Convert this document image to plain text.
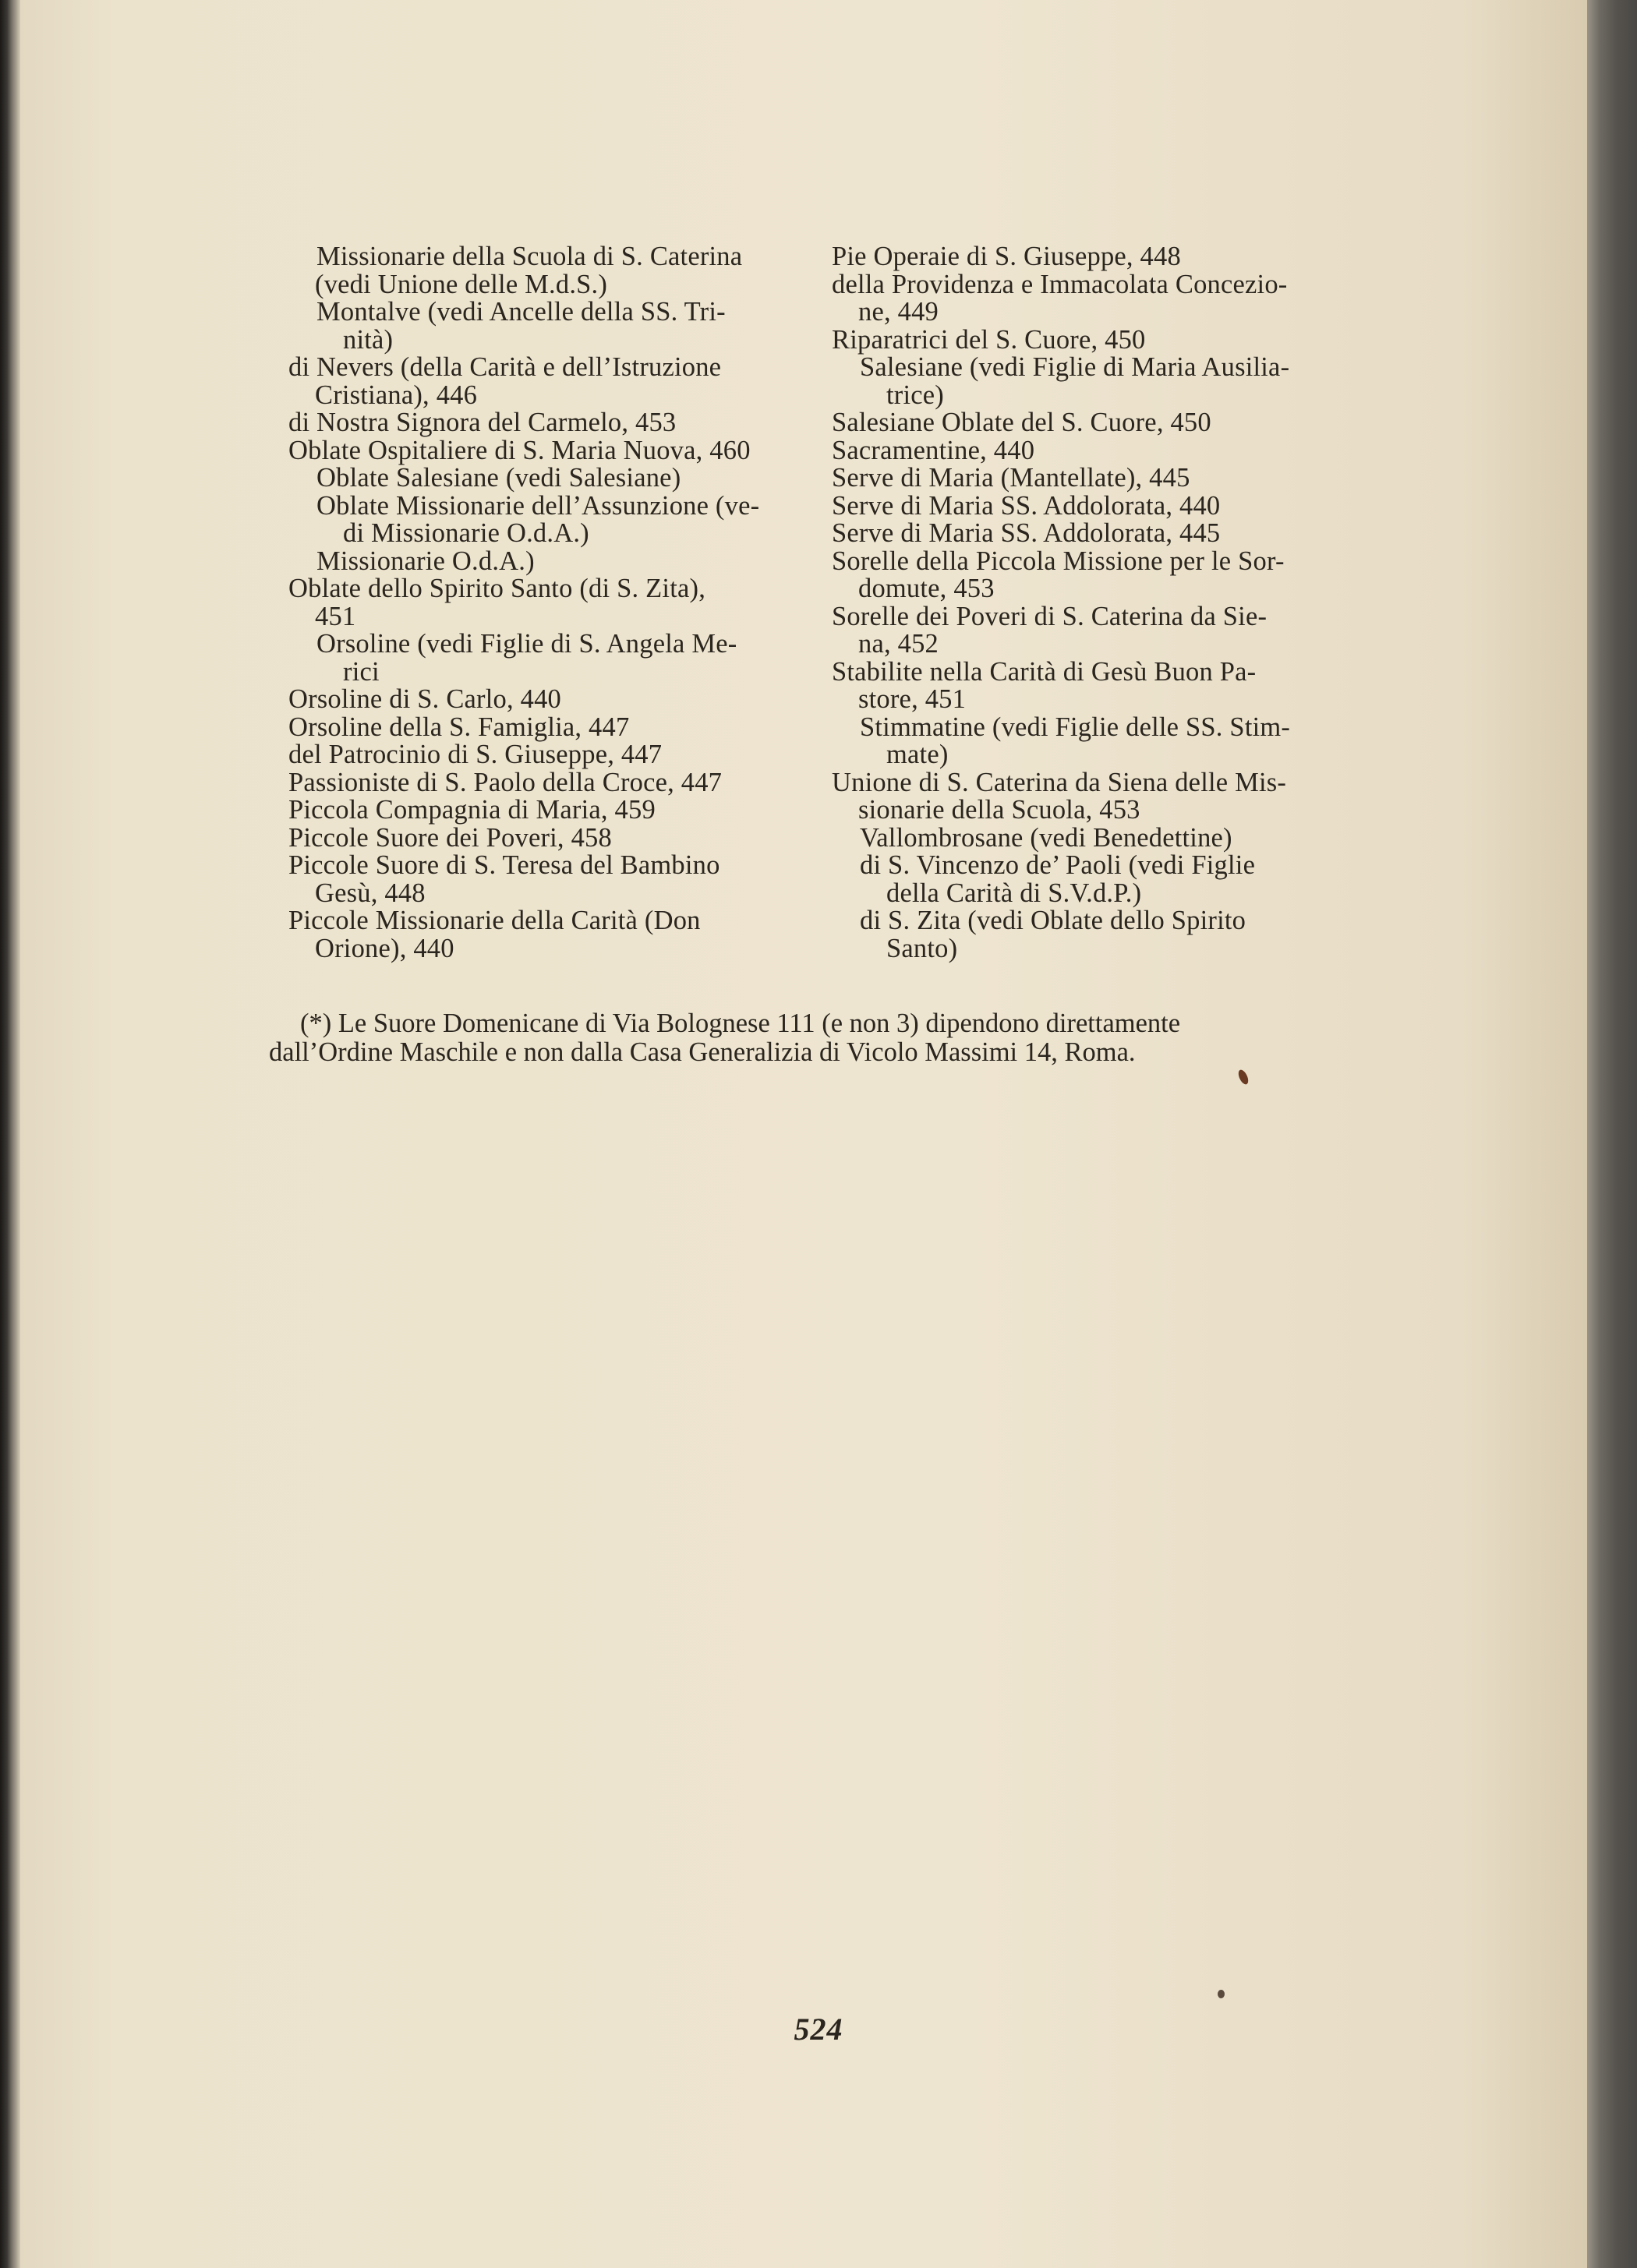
Missionarie della Scuola di S. Caterina
(vedi Unione delle M.d.S.)
Montalve (vedi Ancelle della SS. Tri-
nità)
di Nevers (della Carità e dell’Istruzione
Cristiana), 446
di Nostra Signora del Carmelo, 453
Oblate Ospitaliere di S. Maria Nuova, 460
Oblate Salesiane (vedi Salesiane)
Oblate Missionarie dell’Assunzione (ve-
di Missionarie O.d.A.)
Missionarie O.d.A.)
Oblate dello Spirito Santo (di S. Zita),
451
Orsoline (vedi Figlie di S. Angela Me-
rici
Orsoline di S. Carlo, 440
Orsoline della S. Famiglia, 447
del Patrocinio di S. Giuseppe, 447
Passioniste di S. Paolo della Croce, 447
Piccola Compagnia di Maria, 459
Piccole Suore dei Poveri, 458
Piccole Suore di S. Teresa del Bambino
Gesù, 448
Piccole Missionarie della Carità (Don
Orione), 440
Pie Operaie di S. Giuseppe, 448
della Providenza e Immacolata Concezio-
ne, 449
Riparatrici del S. Cuore, 450
Salesiane (vedi Figlie di Maria Ausilia-
trice)
Salesiane Oblate del S. Cuore, 450
Sacramentine, 440
Serve di Maria (Mantellate), 445
Serve di Maria SS. Addolorata, 440
Serve di Maria SS. Addolorata, 445
Sorelle della Piccola Missione per le Sor-
domute, 453
Sorelle dei Poveri di S. Caterina da Sie-
na, 452
Stabilite nella Carità di Gesù Buon Pa-
store, 451
Stimmatine (vedi Figlie delle SS. Stim-
mate)
Unione di S. Caterina da Siena delle Mis-
sionarie della Scuola, 453
Vallombrosane (vedi Benedettine)
di S. Vincenzo de’ Paoli (vedi Figlie
della Carità di S.V.d.P.)
di S. Zita (vedi Oblate dello Spirito
Santo)
(*) Le Suore Domenicane di Via Bolognese 111 (e non 3) dipendono direttamente
dall’Ordine Maschile e non dalla Casa Generalizia di Vicolo Massimi 14, Roma.
524
